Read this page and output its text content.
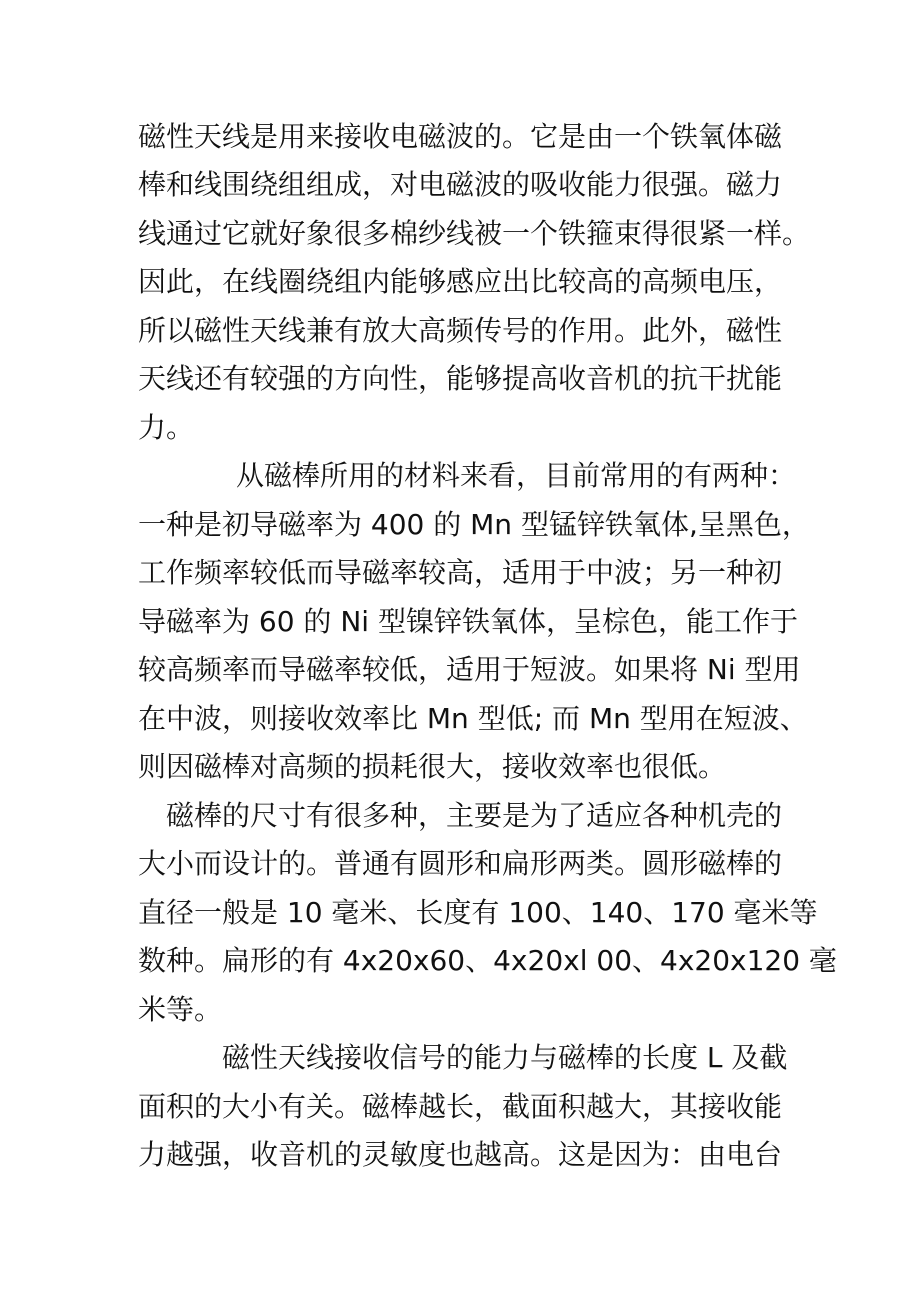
磁性天线是用来接收电磁波的。它是由一个铁氧体磁
棒和线围绕组组成，对电磁波的吸收能力很强。磁力
线通过它就好象很多棉纱线被一个铁箍束得很紧一样。
因此，在线圈绕组内能够感应出比较高的高频电压，
所以磁性天线兼有放大高频传号的作用。此外，磁性
天线还有较强的方向性，能够提高收音机的抗干扰能
力。
从磁棒所用的材料来看，目前常用的有两种：
一种是初导磁率为 400 的 Mn 型锰锌铁氧体,呈黑色，
工作频率较低而导磁率较高，适用于中波；另一种初
导磁率为 60 的 Ni 型镍锌铁氧体，呈棕色，能工作于
较高频率而导磁率较低，适用于短波。如果将 Ni 型用
在中波，则接收效率比 Mn 型低; 而 Mn 型用在短波、
则因磁棒对高频的损耗很大，接收效率也很低。
磁棒的尺寸有很多种，主要是为了适应各种机壳的
大小而设计的。普通有圆形和扁形两类。圆形磁棒的
直径一般是 10 毫米、长度有 100、140、170 毫米等
数种。扁形的有 4x20x60、4x20xl 00、4x20x120 毫
米等。
磁性天线接收信号的能力与磁棒的长度 L 及截
面积的大小有关。磁棒越长，截面积越大，其接收能
力越强，收音机的灵敏度也越高。这是因为：由电台
